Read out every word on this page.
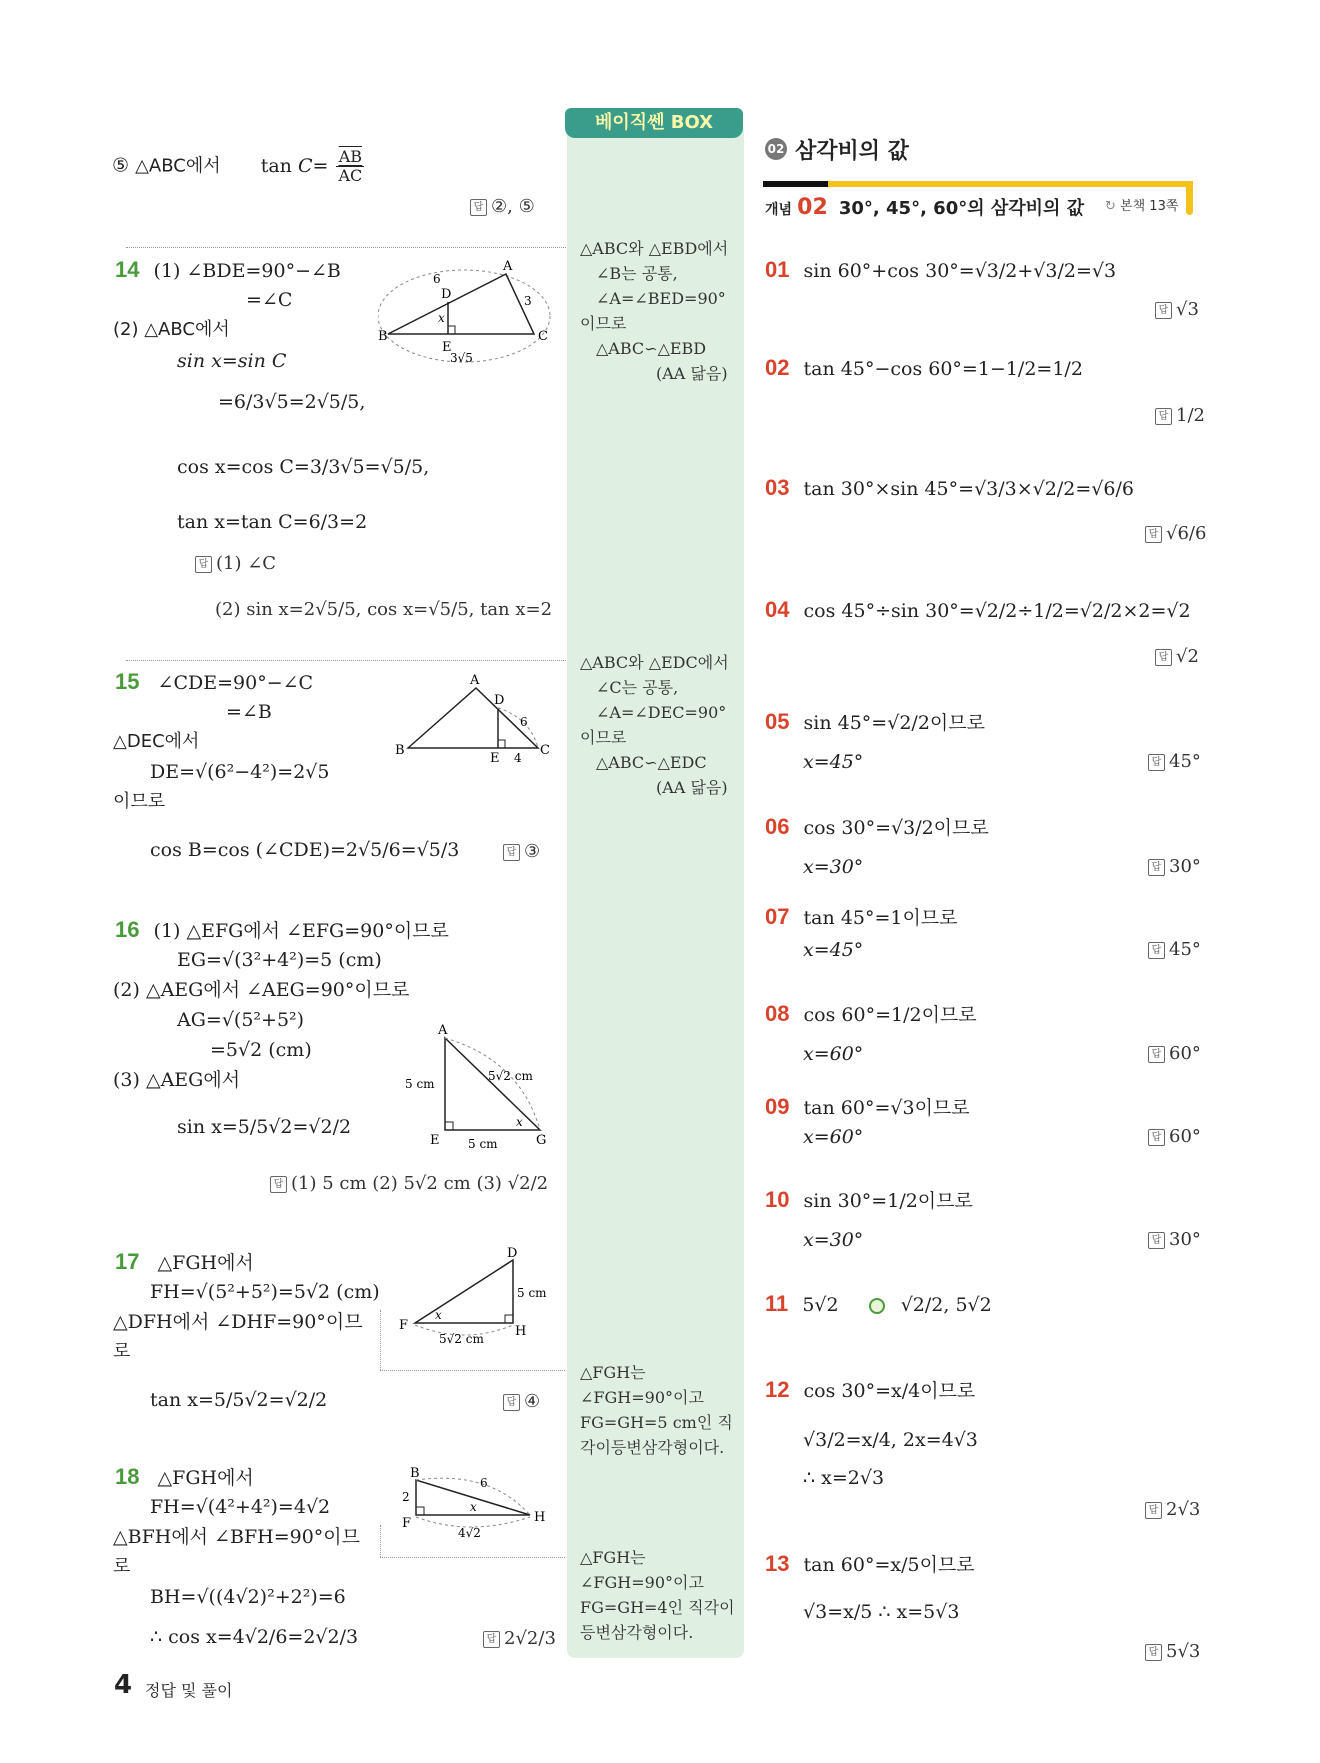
베이직쎈 BOX
⑤ △ABC에서 $\tan C= \frac{\overline{AB}}{AC}$
답 ②, ⑤
14 (1) ∠BDE=90°−∠B
=∠C
(2) △ABC에서
sin x=sin C
=6/3√5=2√5/5,
cos x=cos C=3/3√5=√5/5,
tan x=tan C=6/3=2
답 (1) ∠C
(2) sin x=2√5/5, cos x=√5/5, tan x=2
A
B	C
D
E
6
3
3√5
x
15 ∠CDE=90°−∠C
=∠B
△DEC에서
DE=√(6²−4²)=2√5
이므로
cos B=cos (∠CDE)=2√5/6=√5/3	답 ③
A
B	C
D
E
6
4
16 (1) △EFG에서 ∠EFG=90°이므로
EG=√(3²+4²)=5 (cm)
(2) △AEG에서 ∠AEG=90°이므로
AG=√(5²+5²)
=5√2 (cm)
(3) △AEG에서
sin x=5/5√2=√2/2
답 (1) 5 cm (2) 5√2 cm (3) √2/2
A
E	G
5 cm
5√2 cm
5 cm
x
17 △FGH에서
FH=√(5²+5²)=5√2 (cm)
△DFH에서 ∠DHF=90°이므
로
tan x=5/5√2=√2/2	답 ④
D
F	H
5 cm
5√2 cm
x
18 △FGH에서
FH=√(4²+4²)=4√2
△BFH에서 ∠BFH=90°이므
로
BH=√((4√2)²+2²)=6
∴ cos x=4√2/6=2√2/3	답 2√2/3
B
F	H
6
2
4√2
x
△ABC와 △EBD에서
∠B는 공통,
∠A=∠BED=90°
이므로
△ABC∽△EBD
(AA 닮음)
△ABC와 △EDC에서
∠C는 공통,
∠A=∠DEC=90°
이므로
△ABC∽△EDC
(AA 닮음)
△FGH는
∠FGH=90°이고
FG=GH=5 cm인 직
각이등변삼각형이다.
△FGH는
∠FGH=90°이고
FG=GH=4인 직각이
등변삼각형이다.
02 삼각비의 값
개념 02 30°, 45°, 60°의 삼각비의 값 ↻ 본책 13쪽
01 sin 60°+cos 30°=√3/2+√3/2=√3
답 √3
02 tan 45°−cos 60°=1−1/2=1/2
답 1/2
03 tan 30°×sin 45°=√3/3×√2/2=√6/6
답 √6/6
04 cos 45°÷sin 30°=√2/2÷1/2=√2/2×2=√2
답 √2
05 sin 45°=√2/2이므로
x=45°	답 45°
06 cos 30°=√3/2이므로
x=30°	답 30°
07 tan 45°=1이므로
x=45°	답 45°
08 cos 60°=1/2이므로
x=60°	답 60°
09 tan 60°=√3이므로
x=60°	답 60°
10 sin 30°=1/2이므로
x=30°	답 30°
11 5√2	√2/2, 5√2
12 cos 30°=x/4이므로
√3/2=x/4, 2x=4√3
∴ x=2√3
답 2√3
13 tan 60°=x/5이므로
√3=x/5 ∴ x=5√3
답 5√3
4 정답 및 풀이
